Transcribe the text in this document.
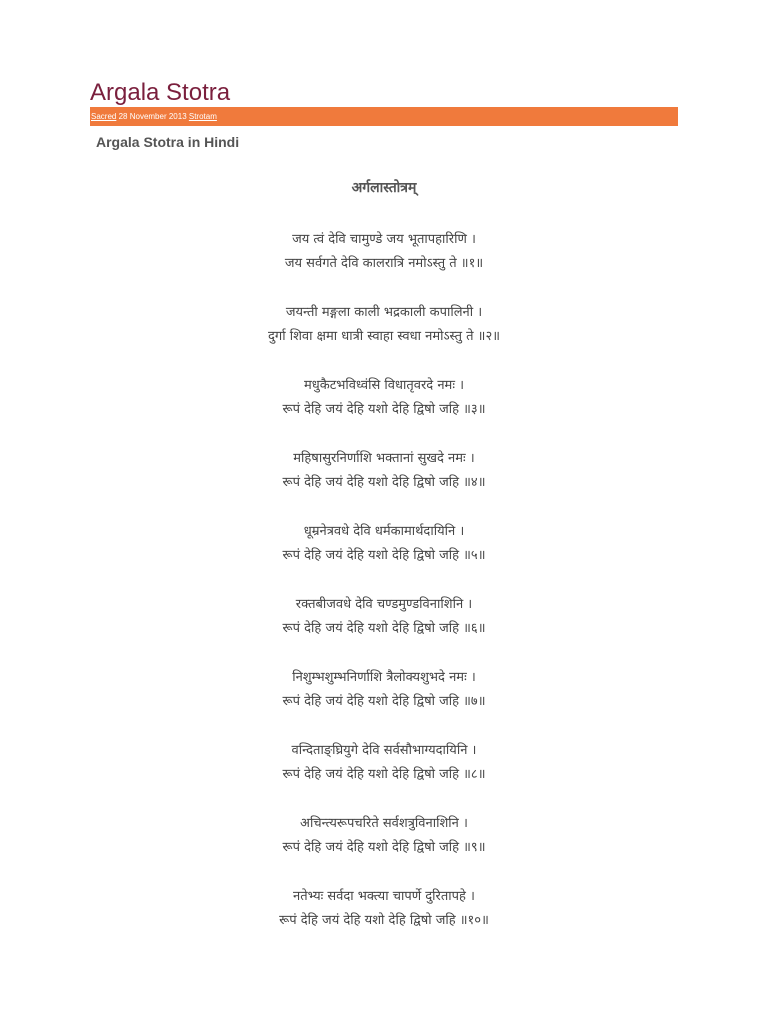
Argala Stotra
Sacred 28 November 2013 Strotam
Argala Stotra in Hindi
अर्गलास्तोत्रम्
जय त्वं देवि चामुण्डे जय भूतापहारिणि ।
जय सर्वगते देवि कालरात्रि नमोऽस्तु ते ॥१॥
जयन्ती मङ्गला काली भद्रकाली कपालिनी ।
दुर्गा शिवा क्षमा धात्री स्वाहा स्वधा नमोऽस्तु ते ॥२॥
मधुकैटभविध्वंसि विधातृवरदे नमः ।
रूपं देहि जयं देहि यशो देहि द्विषो जहि ॥३॥
महिषासुरनिर्णाशि भक्तानां सुखदे नमः ।
रूपं देहि जयं देहि यशो देहि द्विषो जहि ॥४॥
धूम्रनेत्रवधे देवि धर्मकामार्थदायिनि ।
रूपं देहि जयं देहि यशो देहि द्विषो जहि ॥५॥
रक्तबीजवधे देवि चण्डमुण्डविनाशिनि ।
रूपं देहि जयं देहि यशो देहि द्विषो जहि ॥६॥
निशुम्भशुम्भनिर्णाशि त्रैलोक्यशुभदे नमः ।
रूपं देहि जयं देहि यशो देहि द्विषो जहि ॥७॥
वन्दिताङ्घ्रियुगे देवि सर्वसौभाग्यदायिनि ।
रूपं देहि जयं देहि यशो देहि द्विषो जहि ॥८॥
अचिन्त्यरूपचरिते सर्वशत्रुविनाशिनि ।
रूपं देहि जयं देहि यशो देहि द्विषो जहि ॥९॥
नतेभ्यः सर्वदा भक्त्या चापर्णे दुरितापहे ।
रूपं देहि जयं देहि यशो देहि द्विषो जहि ॥१०॥
